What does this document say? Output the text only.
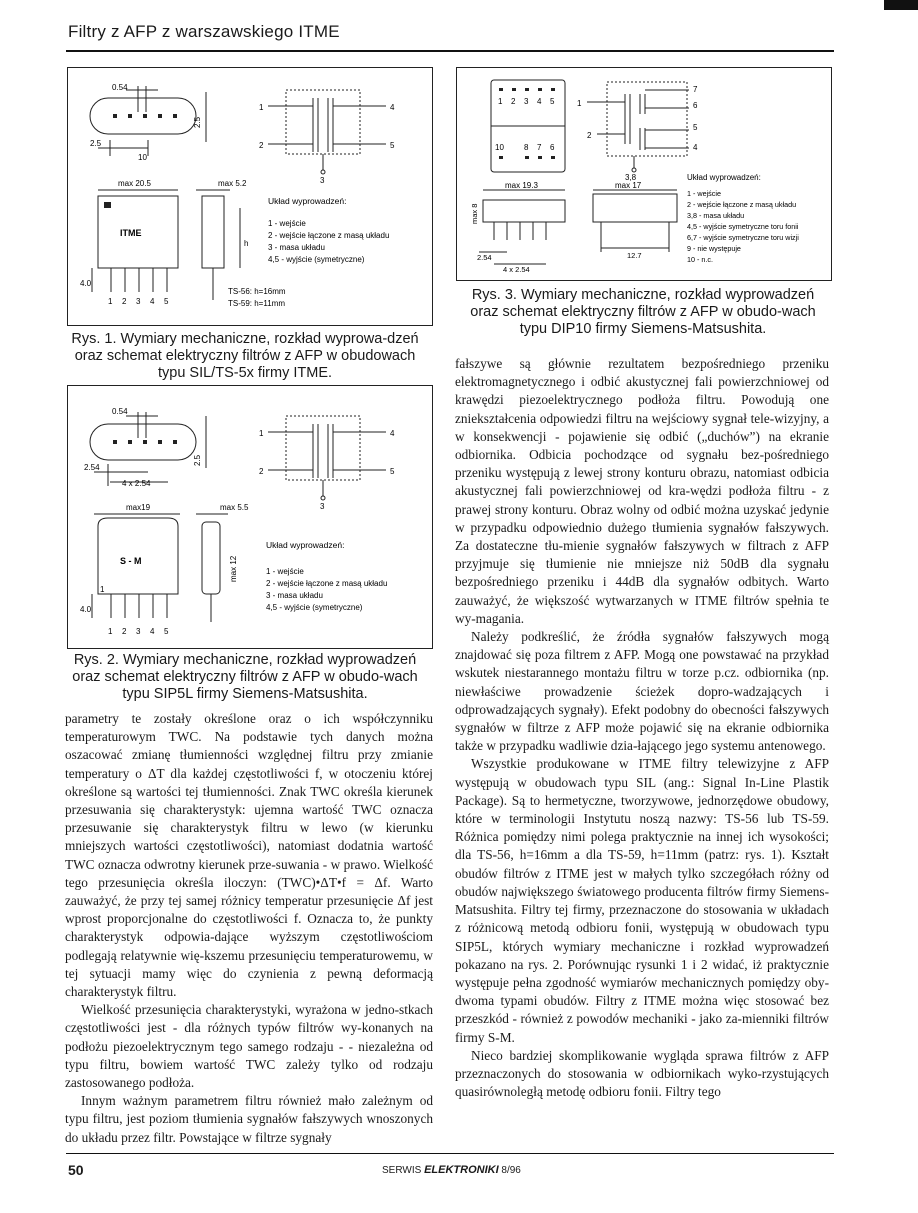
Filtry z AFP z warszawskiego ITME
0.54
2.5
10
2.5
1
2
3
4
5
max 20.5	max 5.2
4.0
h
ITME
1 2 3 4 5
Układ wyprowadzeń:
1 - wejście
2 - wejście łączone z masą układu
3 - masa układu
4,5 - wyjście (symetryczne)
TS-56: h=16mm
TS-59: h=11mm
Rys. 1. Wymiary mechaniczne, rozkład wyprowa-dzeń oraz schemat elektryczny filtrów z AFP w obudowach typu SIL/TS-5x firmy ITME.
0.54
2.54
4 x 2.54
2.5
1
2
3
4
5
S - M
1
max19	max 5.5
4.0
max 12
1 2 3 4 5
Układ wyprowadzeń:
1 - wejście
2 - wejście łączone z masą układu
3 - masa układu
4,5 - wyjście (symetryczne)
Rys. 2. Wymiary mechaniczne, rozkład wyprowadzeń oraz schemat elektryczny filtrów z AFP w obudo-wach typu SIP5L firmy Siemens-Matsushita.
1 2 3 4 5
10	8 7 6
1
2
7
6
5
4
3,8
max 19.3	max 17
max 8
2.54
4 x 2.54
12.7
Układ wyprowadzeń:
1 - wejście
2 - wejście łączone z masą układu
3,8 - masa układu
4,5 - wyjście symetryczne toru fonii
6,7 - wyjście symetryczne toru wizji
9 - nie występuje
10 - n.c.
Rys. 3. Wymiary mechaniczne, rozkład wyprowadzeń oraz schemat elektryczny filtrów z AFP w obudo-wach typu DIP10 firmy Siemens-Matsushita.

parametry te zostały określone oraz o ich współczynniku temperaturowym TWC. Na podstawie tych danych można oszacować zmianę tłumienności względnej filtru przy zmianie temperatury o ΔT dla każdej częstotliwości f, w otoczeniu której określone są wartości tej tłumienności. Znak TWC określa kierunek przesuwania się charakterystyk: ujemna wartość TWC oznacza przesuwanie się charakterystyk filtru w lewo (w kierunku mniejszych wartości częstotliwości), natomiast dodatnia wartość TWC oznacza odwrotny kierunek prze-suwania - w prawo. Wielkość tego przesunięcia określa iloczyn: (TWC)•ΔT•f = Δf. Warto zauważyć, że przy tej samej różnicy temperatur przesunięcie Δf jest wprost proporcjonalne do częstotliwości f. Oznacza to, że punkty charakterystyk odpowia-dające wyższym częstotliwościom podlegają relatywnie wię-kszemu przesunięciu temperaturowemu, w tej sytuacji mamy więc do czynienia z pewną deformacją charakterystyk filtru.

Wielkość przesunięcia charakterystyki, wyrażona w jedno-stkach częstotliwości jest - dla różnych typów filtrów wy-konanych na podłożu piezoelektrycznym tego samego rodzaju - - niezależna od typu filtru, bowiem wartość TWC zależy tylko od rodzaju zastosowanego podłoża.

Innym ważnym parametrem filtru również mało zależnym od typu filtru, jest poziom tłumienia sygnałów fałszywych wnoszonych do układu przez filtr. Powstające w filtrze sygnały

fałszywe są głównie rezultatem bezpośredniego przeniku elektromagnetycznego i odbić akustycznej fali powierzchniowej od krawędzi piezoelektrycznego podłoża filtru. Powodują one zniekształcenia odpowiedzi filtru na wejściowy sygnał tele-wizyjny, a w konsekwencji - pojawienie się odbić („duchów”) na ekranie odbiornika. Odbicia pochodzące od sygnału bez-pośredniego przeniku występują z lewej strony konturu obrazu, natomiast odbicia akustycznej fali powierzchniowej od kra-wędzi podłoża filtru - z prawej strony konturu. Obraz wolny od odbić można uzyskać jedynie w przypadku odpowiednio dużego tłumienia sygnałów fałszywych. Za dostateczne tłu-mienie sygnałów fałszywych w filtrach z AFP przyjmuje się tłumienie nie mniejsze niż 50dB dla sygnału bezpośredniego przeniku i 44dB dla sygnałów odbitych. Warto zauważyć, że większość wytwarzanych w ITME filtrów spełnia te wy-magania.

Należy podkreślić, że źródła sygnałów fałszywych mogą znajdować się poza filtrem z AFP. Mogą one powstawać na przykład wskutek niestarannego montażu filtru w torze p.cz. odbiornika (np. niewłaściwe prowadzenie ścieżek dopro-wadzających i odprowadzających sygnały). Efekt podobny do obecności fałszywych sygnałów w filtrze z AFP może pojawić się na ekranie odbiornika także w przypadku wadliwie dzia-łającego jego systemu antenowego.

Wszystkie produkowane w ITME filtry telewizyjne z AFP występują w obudowach typu SIL (ang.: Signal In-Line Plastik Package). Są to hermetyczne, tworzywowe, jednorzędowe obudowy, które w terminologii Instytutu noszą nazwy: TS-56 lub TS-59. Różnica pomiędzy nimi polega praktycznie na innej ich wysokości; dla TS-56, h=16mm a dla TS-59, h=11mm (patrz: rys. 1). Kształt obudów filtrów z ITME jest w małych tylko szczegółach różny od obudów największego światowego producenta filtrów firmy Siemens-Matsushita. Filtry tej firmy, przeznaczone do stosowania w układach z różnicową metodą odbioru fonii, występują w obudowach typu SIP5L, których wymiary mechaniczne i rozkład wyprowadzeń pokazano na rys. 2. Porównując rysunki 1 i 2 widać, iż praktycznie występuje pełna zgodność wymiarów mechanicznych pomiędzy oby-dwoma typami obudów. Filtry z ITME można więc stosować bez przeszkód - również z powodów mechaniki - jako za-mienniki filtrów firmy S-M.

Nieco bardziej skomplikowanie wygląda sprawa filtrów z AFP przeznaczonych do stosowania w odbiornikach wyko-rzystujących quasirównoległą metodę odbioru fonii. Filtry tego

50	SERWIS ELEKTRONIKI 8/96
